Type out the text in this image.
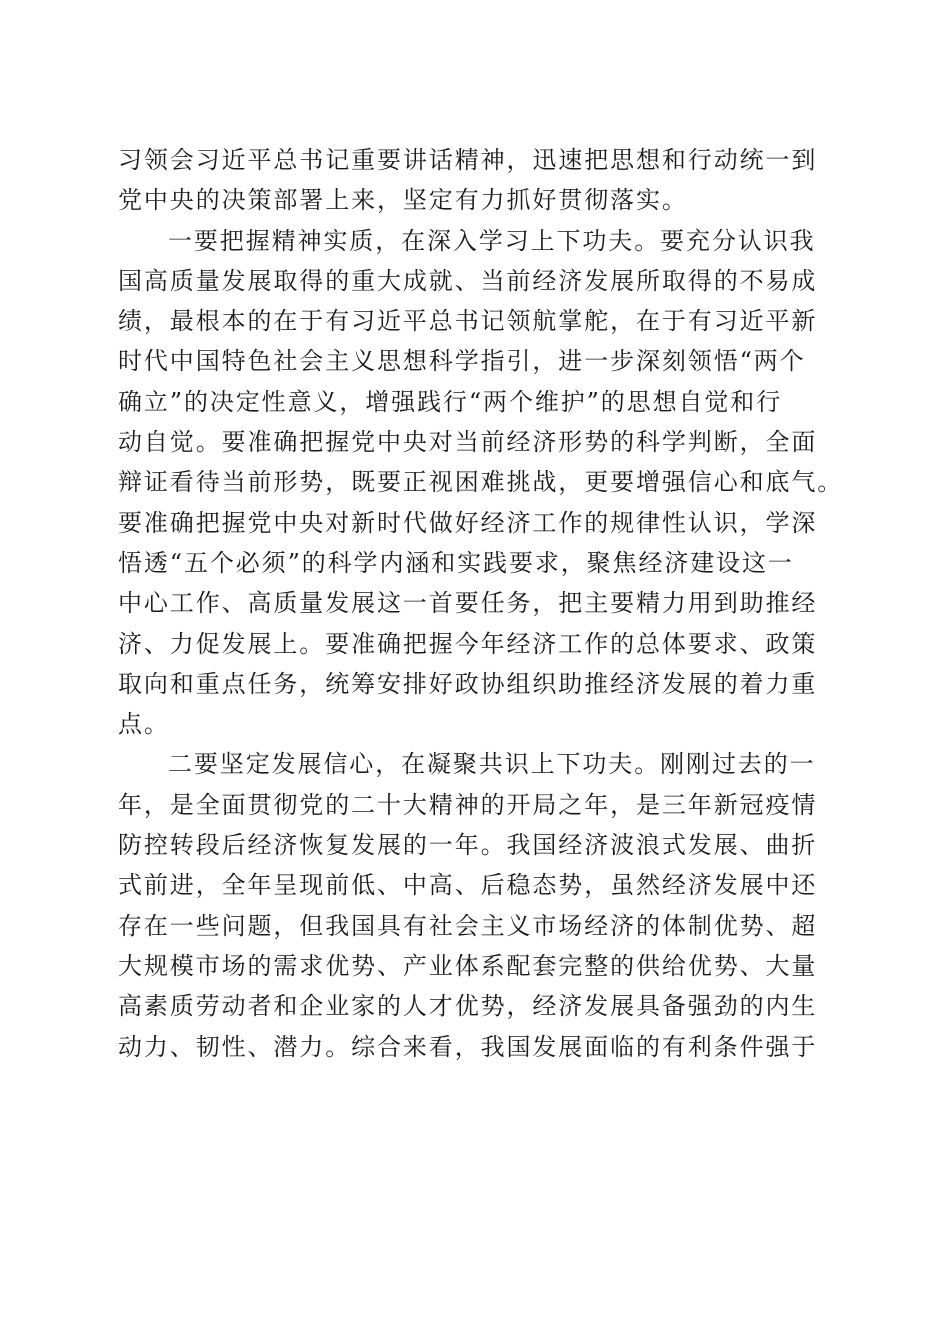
习领会习近平总书记重要讲话精神，迅速把思想和行动统一到
党中央的决策部署上来，坚定有力抓好贯彻落实。
一要把握精神实质，在深入学习上下功夫。要充分认识我
国高质量发展取得的重大成就、当前经济发展所取得的不易成
绩，最根本的在于有习近平总书记领航掌舵，在于有习近平新
时代中国特色社会主义思想科学指引，进一步深刻领悟“两个
确立”的决定性意义，增强践行“两个维护”的思想自觉和行
动自觉。要准确把握党中央对当前经济形势的科学判断，全面
辩证看待当前形势，既要正视困难挑战，更要增强信心和底气。
要准确把握党中央对新时代做好经济工作的规律性认识，学深
悟透“五个必须”的科学内涵和实践要求，聚焦经济建设这一
中心工作、高质量发展这一首要任务，把主要精力用到助推经
济、力促发展上。要准确把握今年经济工作的总体要求、政策
取向和重点任务，统筹安排好政协组织助推经济发展的着力重
点。
二要坚定发展信心，在凝聚共识上下功夫。刚刚过去的一
年，是全面贯彻党的二十大精神的开局之年，是三年新冠疫情
防控转段后经济恢复发展的一年。我国经济波浪式发展、曲折
式前进，全年呈现前低、中高、后稳态势，虽然经济发展中还
存在一些问题，但我国具有社会主义市场经济的体制优势、超
大规模市场的需求优势、产业体系配套完整的供给优势、大量
高素质劳动者和企业家的人才优势，经济发展具备强劲的内生
动力、韧性、潜力。综合来看，我国发展面临的有利条件强于
